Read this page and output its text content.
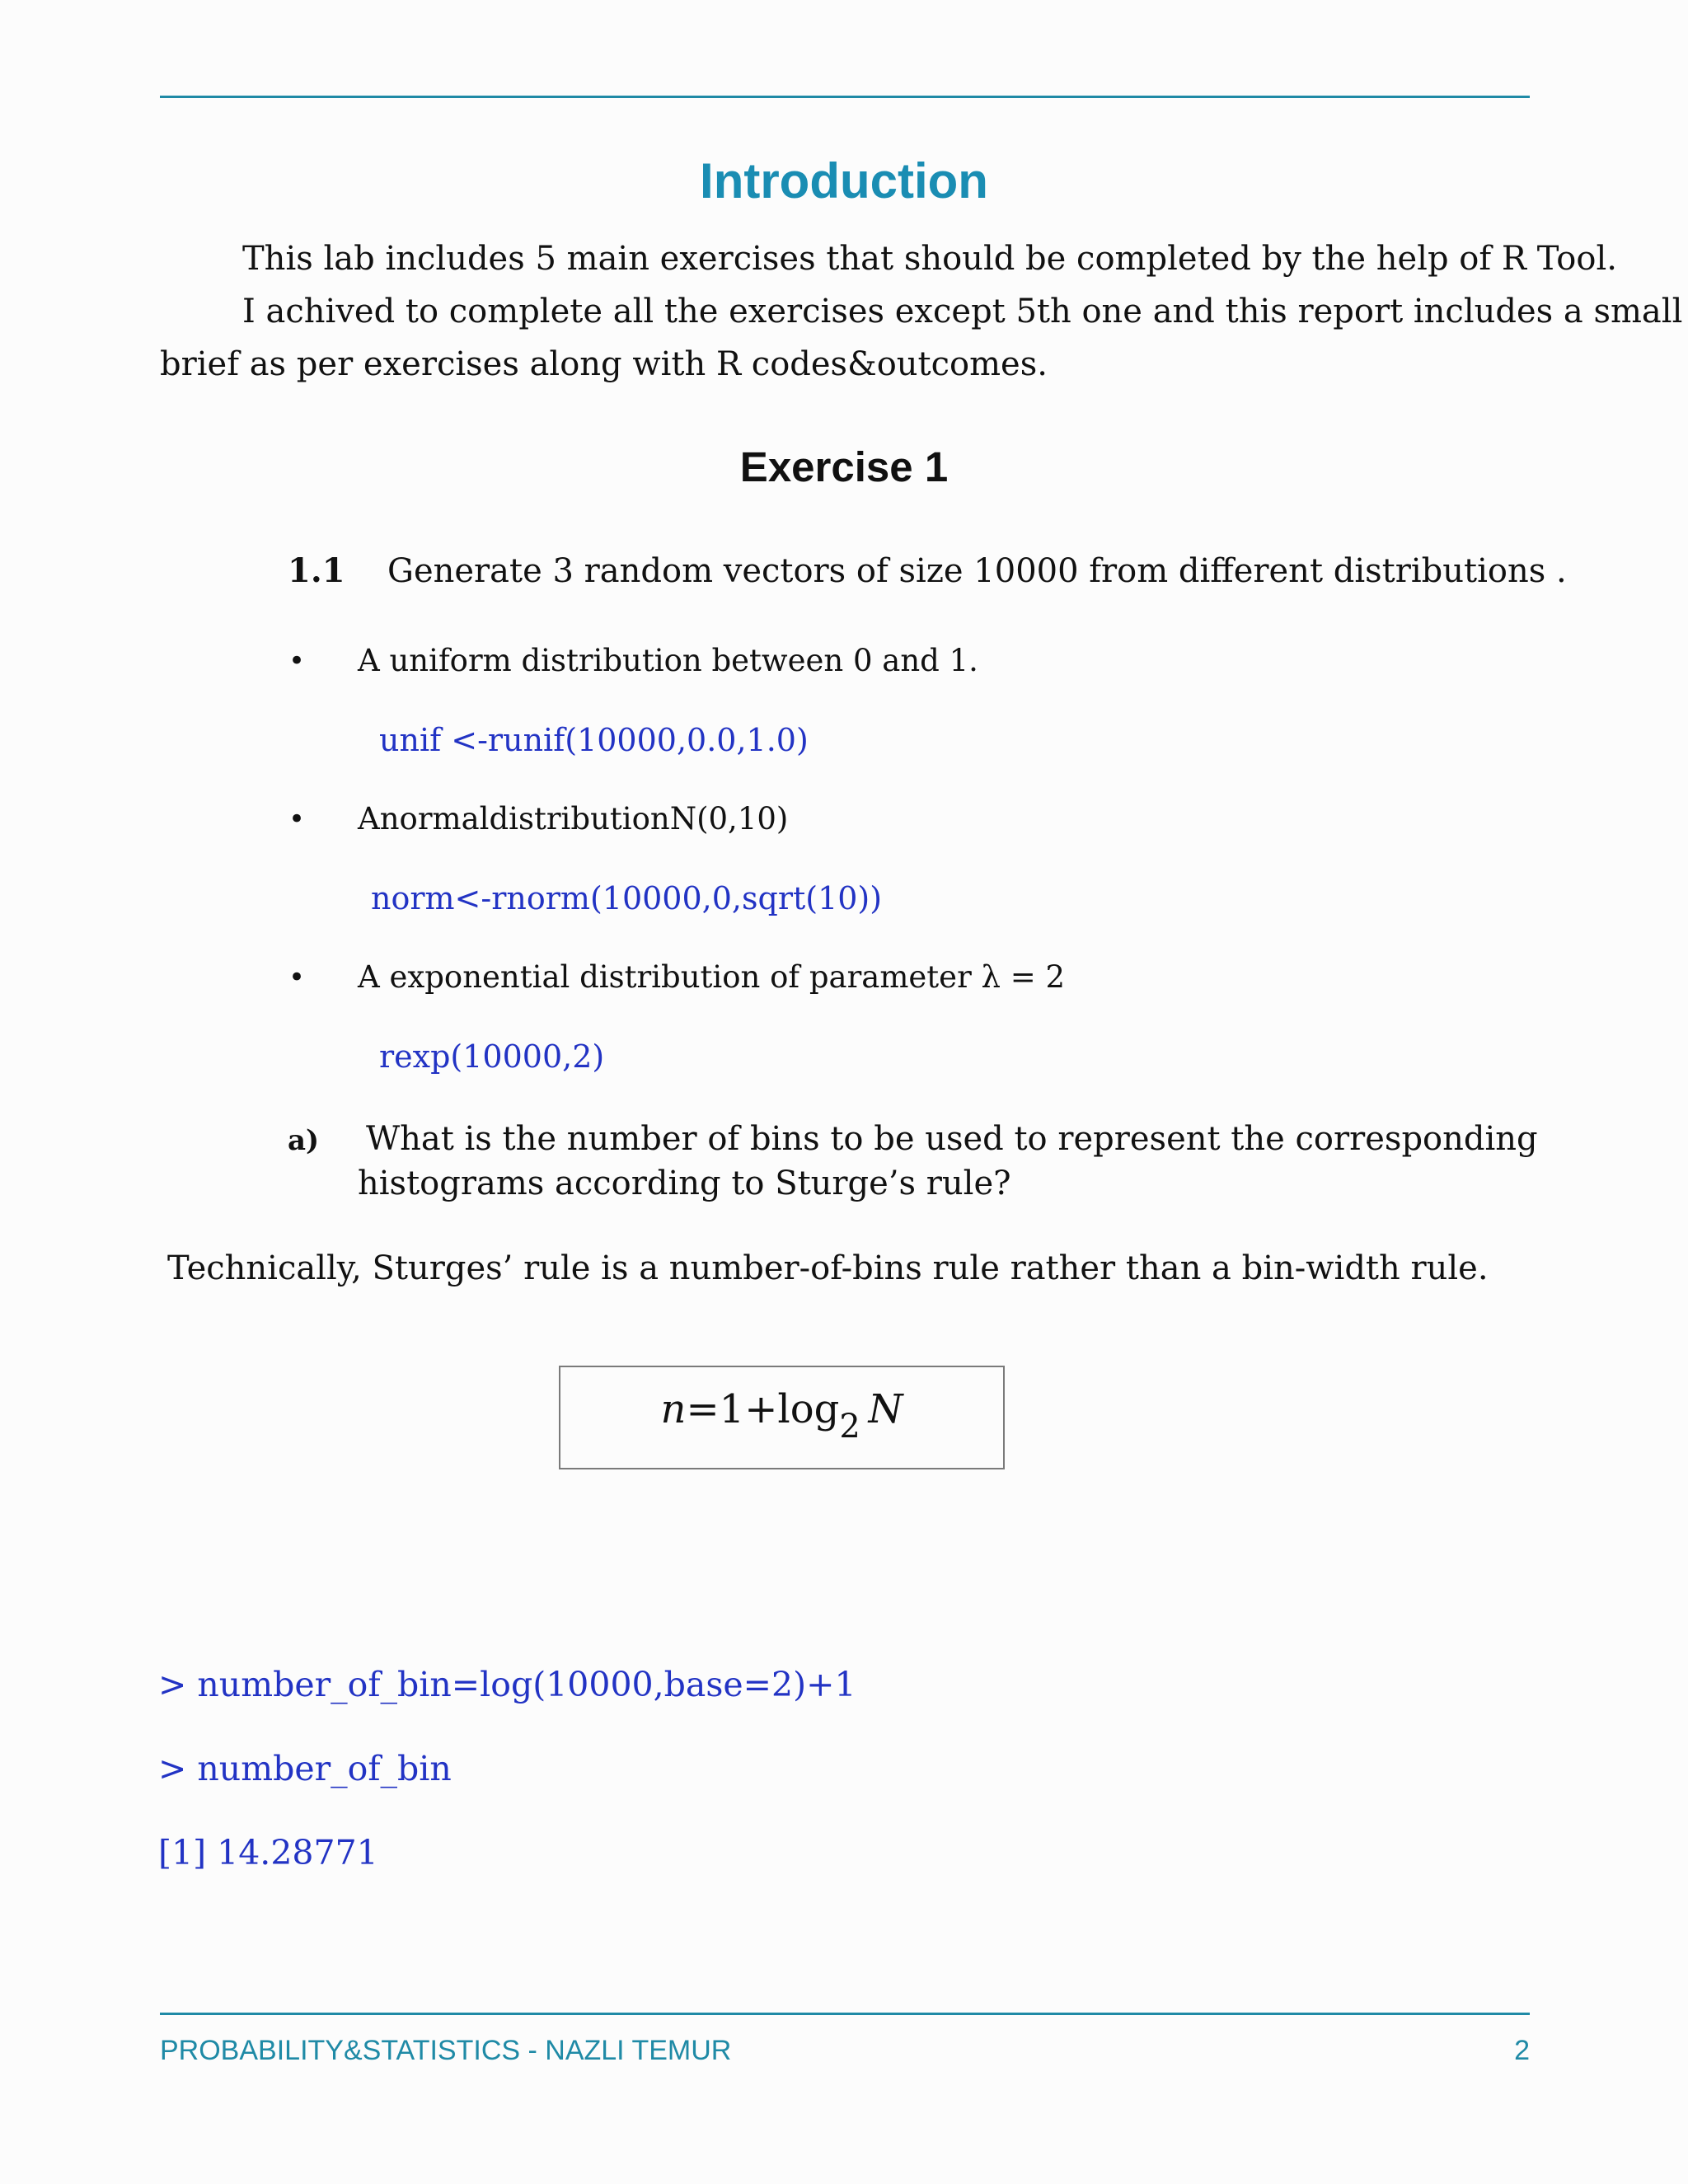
Introduction
This lab includes 5 main exercises that should be completed by the help of R Tool.
I achived to complete all the exercises except 5th one and this report includes a small
brief as per exercises along with R codes&outcomes.
Exercise 1
1.1 Generate 3 random vectors of size 10000 from different distributions .
• A uniform distribution between 0 and 1.
unif <-runif(10000,0.0,1.0)
• AnormaldistributionN(0,10)
norm<-rnorm(10000,0,sqrt(10))
• A exponential distribution of parameter λ = 2
rexp(10000,2)
a) What is the number of bins to be used to represent the corresponding
histograms according to Sturge’s rule?
Technically, Sturges’ rule is a number-of-bins rule rather than a bin-width rule.
$n=1+\log_2$  N
> number_of_bin=log(10000,base=2)+1
> number_of_bin
[1] 14.28771
PROBABILITY&STATISTICS - NAZLI TEMUR	2
